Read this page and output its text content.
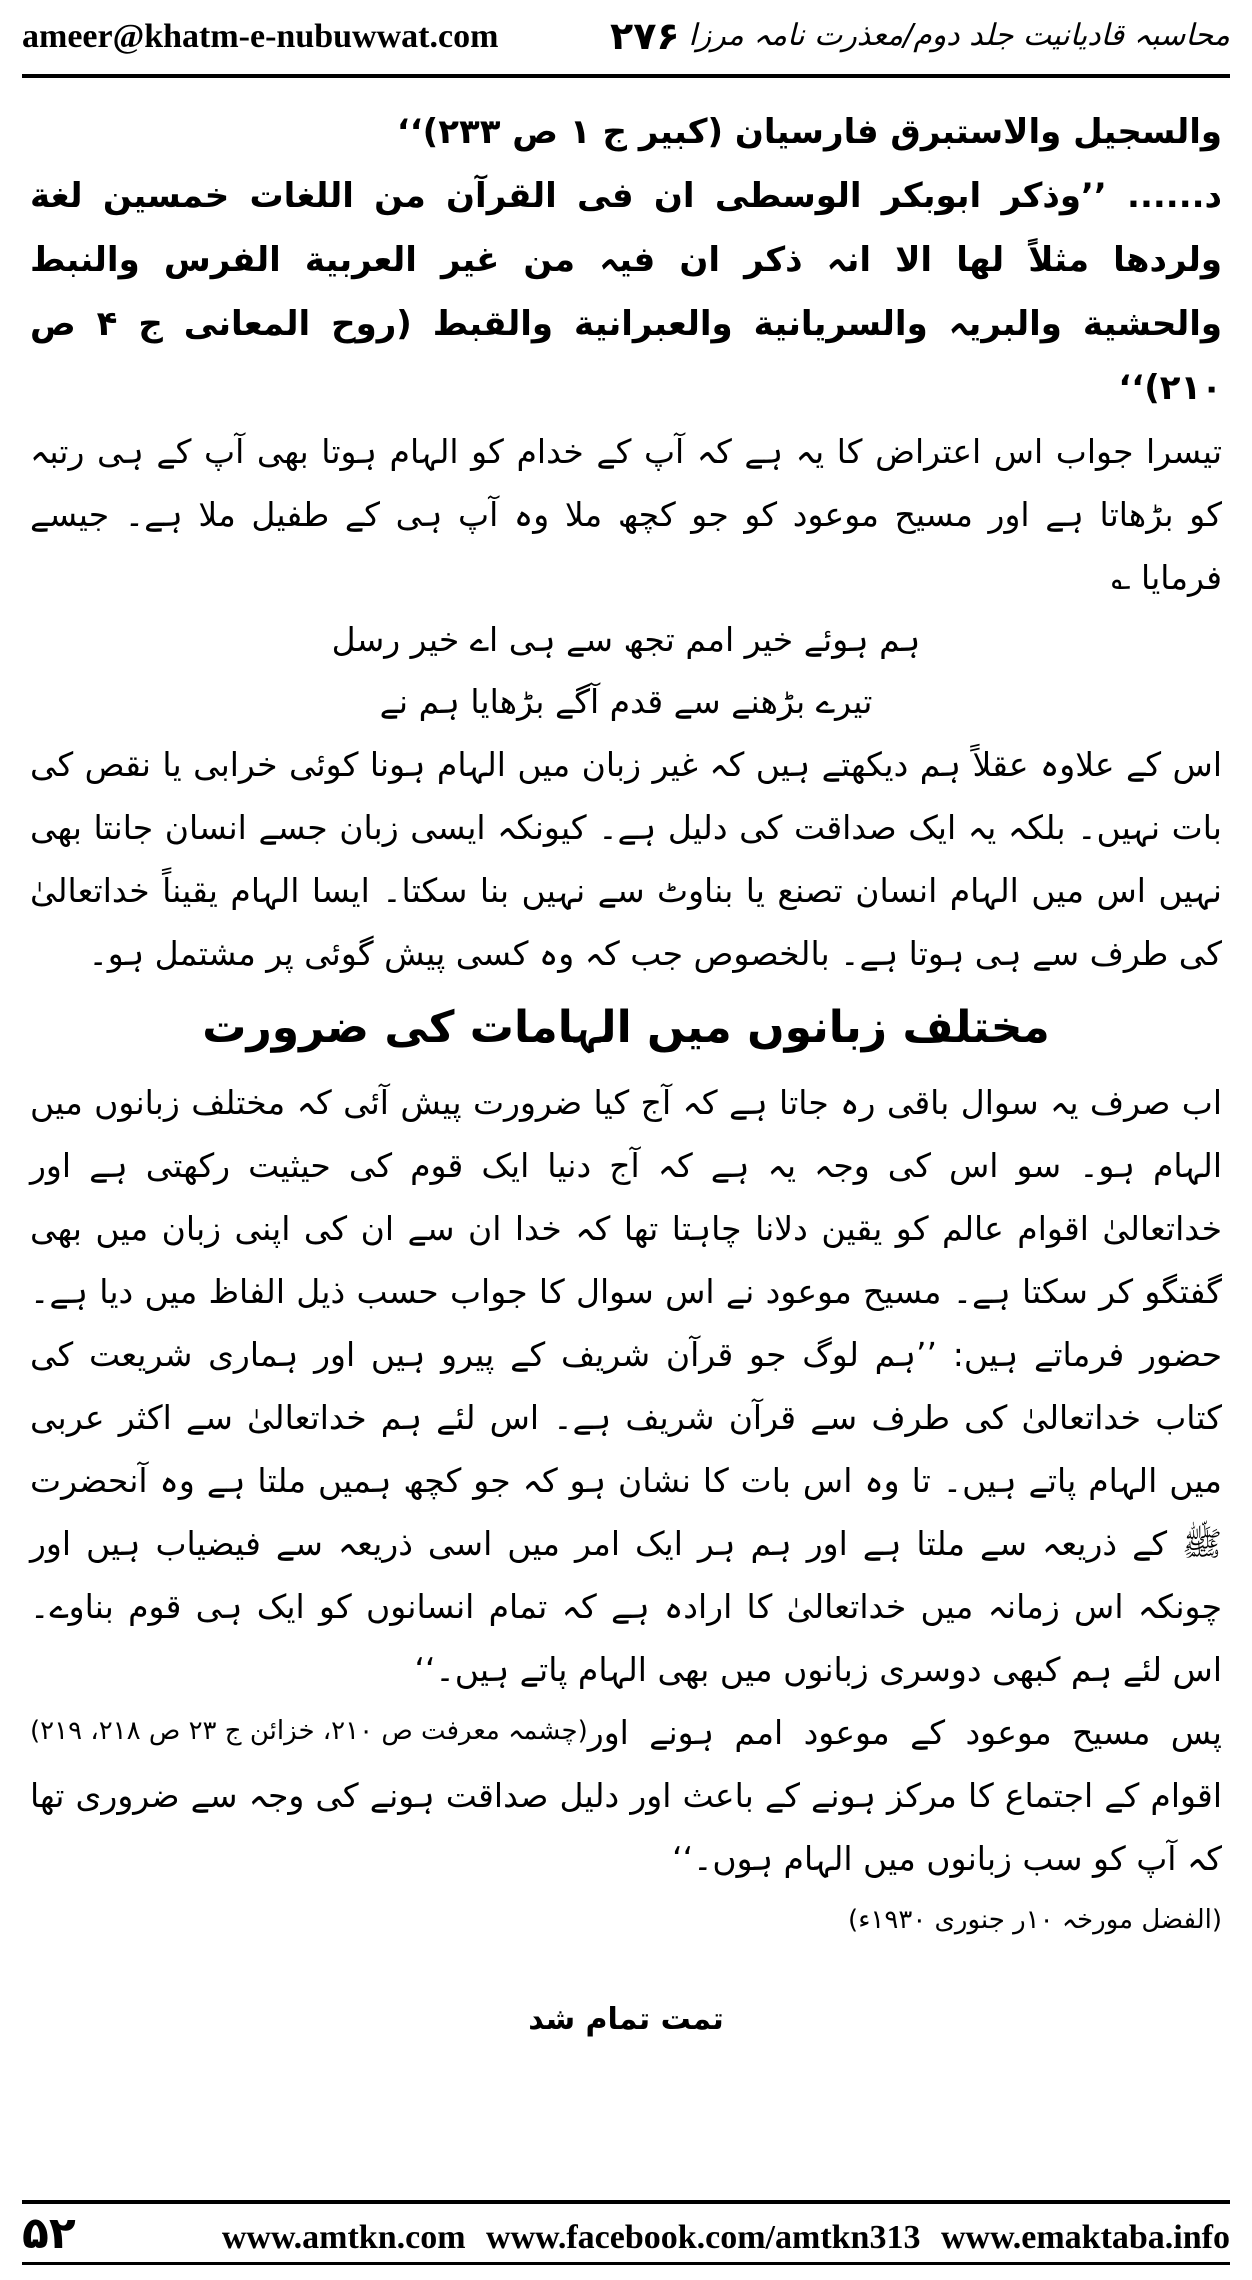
ameer@khatm-e-nubuwwat.com	۲۷۶ محاسبہ قادیانیت جلد دوم/معذرت نامہ مرزا

والسجیل والاستبرق فارسیان (کبیر ج ۱ ص ۲۳۳)‘‘

د...... ’’وذکر ابوبکر الوسطی ان فی القرآن من اللغات خمسین لغة ولردھا مثلاً لھا الا انہ ذکر ان فیہ من غیر العربیة الفرس والنبط والحشیة والبریہ والسریانیة والعبرانیة والقبط (روح المعانی ج ۴ ص ۲۱۰)‘‘

تیسرا جواب اس اعتراض کا یہ ہے کہ آپ کے خدام کو الہام ہوتا بھی آپ کے ہی رتبہ کو بڑھاتا ہے اور مسیح موعود کو جو کچھ ملا وہ آپ ہی کے طفیل ملا ہے۔ جیسے فرمایا ؎

ہم ہوئے خیر امم تجھ سے ہی اے خیر رسل

تیرے بڑھنے سے قدم آگے بڑھایا ہم نے

اس کے علاوہ عقلاً ہم دیکھتے ہیں کہ غیر زبان میں الہام ہونا کوئی خرابی یا نقص کی بات نہیں۔ بلکہ یہ ایک صداقت کی دلیل ہے۔ کیونکہ ایسی زبان جسے انسان جانتا بھی نہیں اس میں الہام انسان تصنع یا بناوٹ سے نہیں بنا سکتا۔ ایسا الہام یقیناً خداتعالیٰ کی طرف سے ہی ہوتا ہے۔ بالخصوص جب کہ وہ کسی پیش گوئی پر مشتمل ہو۔

مختلف زبانوں میں الہامات کی ضرورت

اب صرف یہ سوال باقی رہ جاتا ہے کہ آج کیا ضرورت پیش آئی کہ مختلف زبانوں میں الہام ہو۔ سو اس کی وجہ یہ ہے کہ آج دنیا ایک قوم کی حیثیت رکھتی ہے اور خداتعالیٰ اقوام عالم کو یقین دلانا چاہتا تھا کہ خدا ان سے ان کی اپنی زبان میں بھی گفتگو کر سکتا ہے۔ مسیح موعود نے اس سوال کا جواب حسب ذیل الفاظ میں دیا ہے۔ حضور فرماتے ہیں: ’’ہم لوگ جو قرآن شریف کے پیرو ہیں اور ہماری شریعت کی کتاب خداتعالیٰ کی طرف سے قرآن شریف ہے۔ اس لئے ہم خداتعالیٰ سے اکثر عربی میں الہام پاتے ہیں۔ تا وہ اس بات کا نشان ہو کہ جو کچھ ہمیں ملتا ہے وہ آنحضرت ﷺ کے ذریعہ سے ملتا ہے اور ہم ہر ایک امر میں اسی ذریعہ سے فیضیاب ہیں اور چونکہ اس زمانہ میں خداتعالیٰ کا ارادہ ہے کہ تمام انسانوں کو ایک ہی قوم بناوے۔ اس لئے ہم کبھی دوسری زبانوں میں بھی الہام پاتے ہیں۔‘‘
(چشمہ معرفت ص ۲۱۰، خزائن ج ۲۳ ص ۲۱۸، ۲۱۹) پس مسیح موعود کے موعود امم ہونے اور اقوام کے اجتماع کا مرکز ہونے کے باعث اور دلیل صداقت ہونے کی وجہ سے ضروری تھا کہ آپ کو سب زبانوں میں الہام ہوں۔‘‘

(الفضل مورخہ ۱۰ر جنوری ۱۹۳۰ء)

تمت تمام شد

۵۲	www.amtkn.com www.facebook.com/amtkn313 www.emaktaba.info
